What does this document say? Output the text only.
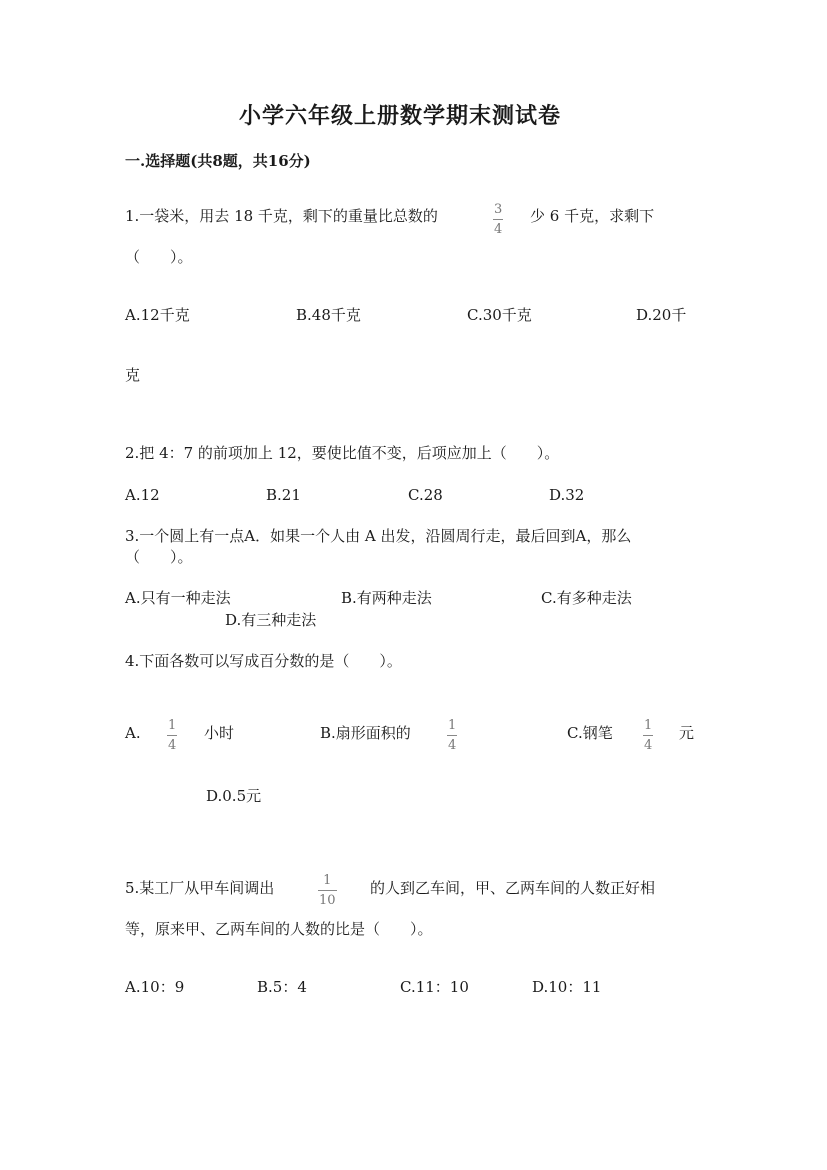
小学六年级上册数学期末测试卷
一.选择题(共8题，共16分)
1.一袋米，用去 18 千克，剩下的重量比总数的	3
4
少 6 千克，求剩下
（　　）。
A.12千克	B.48千克	C.30千克	D.20千
克
2.把 4：7 的前项加上 12，要使比值不变，后项应加上（　　）。
A.12	B.21	C.28	D.32
3.一个圆上有一点A．如果一个人由 A 出发，沿圆周行走，最后回到A，那么
（　　）。
A.只有一种走法	B.有两种走法	C.有多种走法
D.有三种走法
4.下面各数可以写成百分数的是（　　）。
A. 1
4
小时	B.扇形面积的	1
4
C.钢笔 1
4
元
D.0.5元
5.某工厂从甲车间调出	1
10
的人到乙车间，甲、乙两车间的人数正好相
等，原来甲、乙两车间的人数的比是（　　）。
A.10：9	B.5：4	C.11：10	D.10：11
